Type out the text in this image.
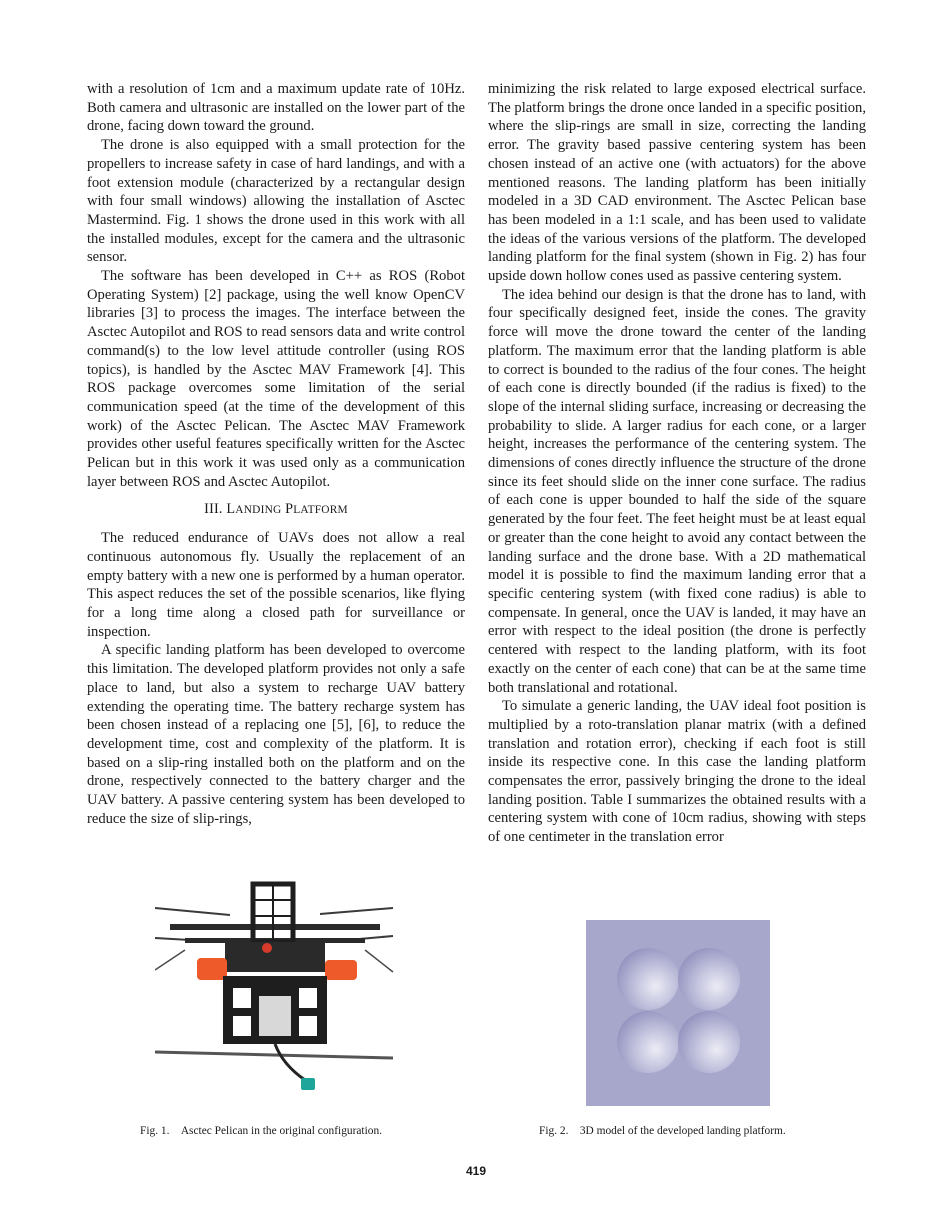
with a resolution of 1cm and a maximum update rate of 10Hz. Both camera and ultrasonic are installed on the lower part of the drone, facing down toward the ground.

The drone is also equipped with a small protection for the propellers to increase safety in case of hard landings, and with a foot extension module (characterized by a rectangular design with four small windows) allowing the installation of Asctec Mastermind. Fig. 1 shows the drone used in this work with all the installed modules, except for the camera and the ultrasonic sensor.

The software has been developed in C++ as ROS (Robot Operating System) [2] package, using the well know OpenCV libraries [3] to process the images. The interface between the Asctec Autopilot and ROS to read sensors data and write control command(s) to the low level attitude controller (using ROS topics), is handled by the Asctec MAV Framework [4]. This ROS package overcomes some limitation of the serial communication speed (at the time of the development of this work) of the Asctec Pelican. The Asctec MAV Framework provides other useful features specifically written for the Asctec Pelican but in this work it was used only as a communication layer between ROS and Asctec Autopilot.

III. LANDING PLATFORM

The reduced endurance of UAVs does not allow a real continuous autonomous fly. Usually the replacement of an empty battery with a new one is performed by a human operator. This aspect reduces the set of the possible scenarios, like flying for a long time along a closed path for surveillance or inspection.

A specific landing platform has been developed to overcome this limitation. The developed platform provides not only a safe place to land, but also a system to recharge UAV battery extending the operating time. The battery recharge system has been chosen instead of a replacing one [5], [6], to reduce the development time, cost and complexity of the platform. It is based on a slip-ring installed both on the platform and on the drone, respectively connected to the battery charger and the UAV battery. A passive centering system has been developed to reduce the size of slip-rings,

minimizing the risk related to large exposed electrical surface. The platform brings the drone once landed in a specific position, where the slip-rings are small in size, correcting the landing error. The gravity based passive centering system has been chosen instead of an active one (with actuators) for the above mentioned reasons. The landing platform has been initially modeled in a 3D CAD environment. The Asctec Pelican base has been modeled in a 1:1 scale, and has been used to validate the ideas of the various versions of the platform. The developed landing platform for the final system (shown in Fig. 2) has four upside down hollow cones used as passive centering system.

The idea behind our design is that the drone has to land, with four specifically designed feet, inside the cones. The gravity force will move the drone toward the center of the landing platform. The maximum error that the landing platform is able to correct is bounded to the radius of the four cones. The height of each cone is directly bounded (if the radius is fixed) to the slope of the internal sliding surface, increasing or decreasing the probability to slide. A larger radius for each cone, or a larger height, increases the performance of the centering system. The dimensions of cones directly influence the structure of the drone since its feet should slide on the inner cone surface. The radius of each cone is upper bounded to half the side of the square generated by the four feet. The feet height must be at least equal or greater than the cone height to avoid any contact between the landing surface and the drone base. With a 2D mathematical model it is possible to find the maximum landing error that a specific centering system (with fixed cone radius) is able to compensate. In general, once the UAV is landed, it may have an error with respect to the ideal position (the drone is perfectly centered with respect to the landing platform, with its foot exactly on the center of each cone) that can be at the same time both translational and rotational.

To simulate a generic landing, the UAV ideal foot position is multiplied by a roto-translation planar matrix (with a defined translation and rotation error), checking if each foot is still inside its respective cone. In this case the landing platform compensates the error, passively bringing the drone to the ideal landing position. Table I summarizes the obtained results with a centering system with cone of 10cm radius, showing with steps of one centimeter in the translation error

Fig. 1. Asctec Pelican in the original configuration.	Fig. 2. 3D model of the developed landing platform.
419
